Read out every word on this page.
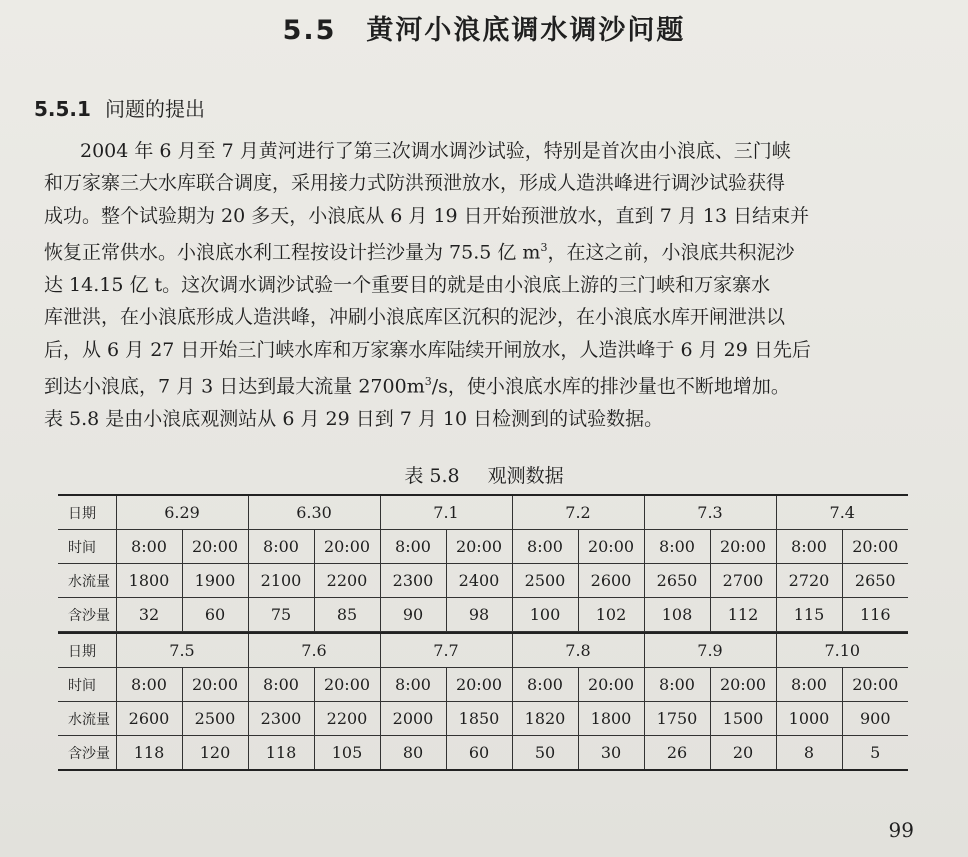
5.5 黄河小浪底调水调沙问题
5.5.1 问题的提出
2004 年 6 月至 7 月黄河进行了第三次调水调沙试验，特别是首次由小浪底、三门峡
和万家寨三大水库联合调度，采用接力式防洪预泄放水，形成人造洪峰进行调沙试验获得
成功。整个试验期为 20 多天，小浪底从 6 月 19 日开始预泄放水，直到 7 月 13 日结束并
恢复正常供水。小浪底水利工程按设计拦沙量为 75.5 亿 $m^3$，在这之前，小浪底共积泥沙
达 14.15 亿 t。这次调水调沙试验一个重要目的就是由小浪底上游的三门峡和万家寨水
库泄洪，在小浪底形成人造洪峰，冲刷小浪底库区沉积的泥沙，在小浪底水库开闸泄洪以
后，从 6 月 27 日开始三门峡水库和万家寨水库陆续开闸放水，人造洪峰于 6 月 29 日先后
到达小浪底，7 月 3 日达到最大流量 $2700m^3/s$，使小浪底水库的排沙量也不断地增加。
表 5.8 是由小浪底观测站从 6 月 29 日到 7 月 10 日检测到的试验数据。
表 5.8 观测数据
日期	6.29		6.30		7.1		7.2		7.3		7.4	
时间	8:00	20:00	8:00	20:00	8:00	20:00	8:00	20:00	8:00	20:00	8:00	20:00
水流量	1800	1900	2100	2200	2300	2400	2500	2600	2650	2700	2720	2650
含沙量	32	60	75	85	90	98	100	102	108	112	115	116
日期	7.5		7.6		7.7		7.8		7.9		7.10	
时间	8:00	20:00	8:00	20:00	8:00	20:00	8:00	20:00	8:00	20:00	8:00	20:00
水流量	2600	2500	2300	2200	2000	1850	1820	1800	1750	1500	1000	900
含沙量	118	120	118	105	80	60	50	30	26	20	8	5
99
